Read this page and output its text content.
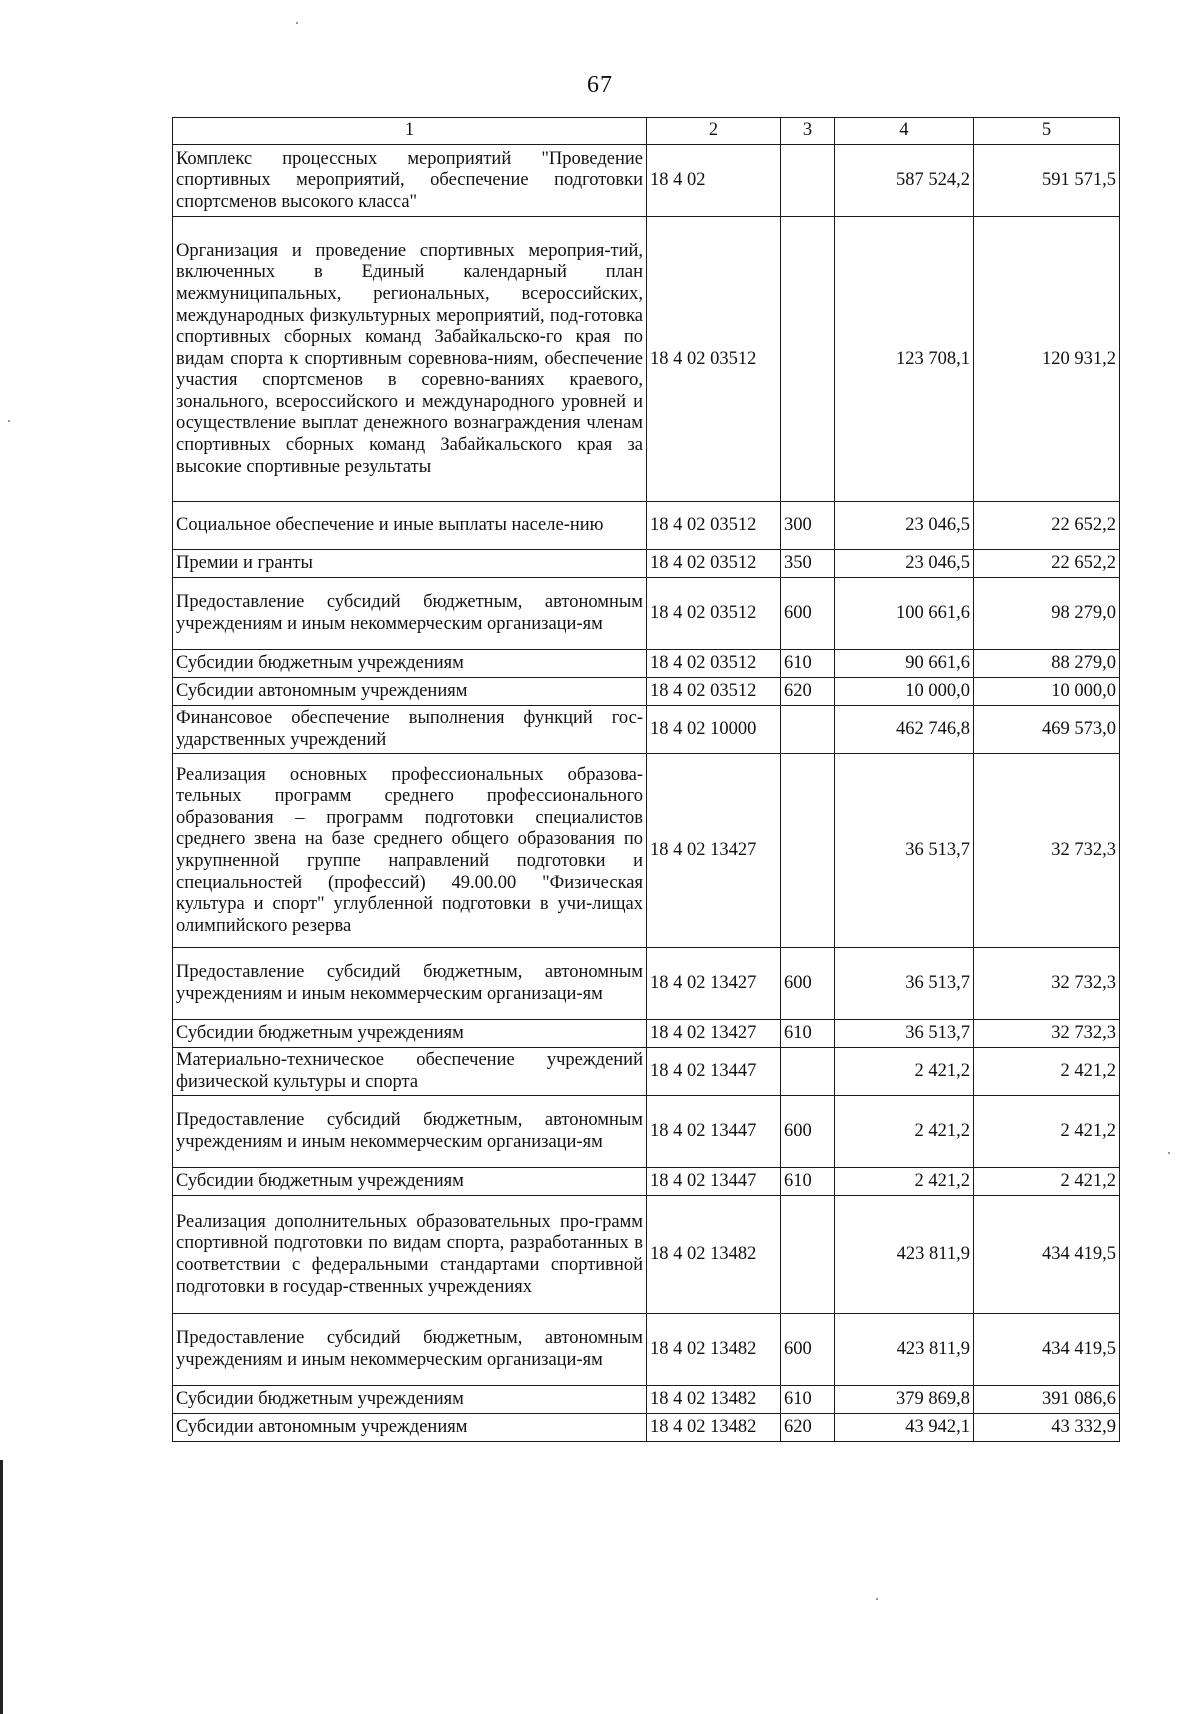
67
1	2	3	4	5
Комплекс процессных мероприятий "Проведение спортивных мероприятий, обеспечение подготовки спортсменов высокого класса"	18 4 02		587 524,2	591 571,5
Организация и проведение спортивных мероприя-тий, включенных в Единый календарный план межмуниципальных, региональных, всероссийских, международных физкультурных мероприятий, под-готовка спортивных сборных команд Забайкальско-го края по видам спорта к спортивным соревнова-ниям, обеспечение участия спортсменов в соревно-ваниях краевого, зонального, всероссийского и международного уровней и осуществление выплат денежного вознаграждения членам спортивных сборных команд Забайкальского края за высокие спортивные результаты	18 4 02 03512		123 708,1	120 931,2
Социальное обеспечение и иные выплаты населе-нию	18 4 02 03512	300	23 046,5	22 652,2
Премии и гранты	18 4 02 03512	350	23 046,5	22 652,2
Предоставление субсидий бюджетным, автономным учреждениям и иным некоммерческим организаци-ям	18 4 02 03512	600	100 661,6	98 279,0
Субсидии бюджетным учреждениям	18 4 02 03512	610	90 661,6	88 279,0
Субсидии автономным учреждениям	18 4 02 03512	620	10 000,0	10 000,0
Финансовое обеспечение выполнения функций гос-ударственных учреждений	18 4 02 10000		462 746,8	469 573,0
Реализация основных профессиональных образова-тельных программ среднего профессионального образования – программ подготовки специалистов среднего звена на базе среднего общего образования по укрупненной группе направлений подготовки и специальностей (профессий) 49.00.00 "Физическая культура и спорт" углубленной подготовки в учи-лищах олимпийского резерва	18 4 02 13427		36 513,7	32 732,3
Предоставление субсидий бюджетным, автономным учреждениям и иным некоммерческим организаци-ям	18 4 02 13427	600	36 513,7	32 732,3
Субсидии бюджетным учреждениям	18 4 02 13427	610	36 513,7	32 732,3
Материально-техническое обеспечение учреждений физической культуры и спорта	18 4 02 13447		2 421,2	2 421,2
Предоставление субсидий бюджетным, автономным учреждениям и иным некоммерческим организаци-ям	18 4 02 13447	600	2 421,2	2 421,2
Субсидии бюджетным учреждениям	18 4 02 13447	610	2 421,2	2 421,2
Реализация дополнительных образовательных про-грамм спортивной подготовки по видам спорта, разработанных в соответствии с федеральными стандартами спортивной подготовки в государ-ственных учреждениях	18 4 02 13482		423 811,9	434 419,5
Предоставление субсидий бюджетным, автономным учреждениям и иным некоммерческим организаци-ям	18 4 02 13482	600	423 811,9	434 419,5
Субсидии бюджетным учреждениям	18 4 02 13482	610	379 869,8	391 086,6
Субсидии автономным учреждениям	18 4 02 13482	620	43 942,1	43 332,9
